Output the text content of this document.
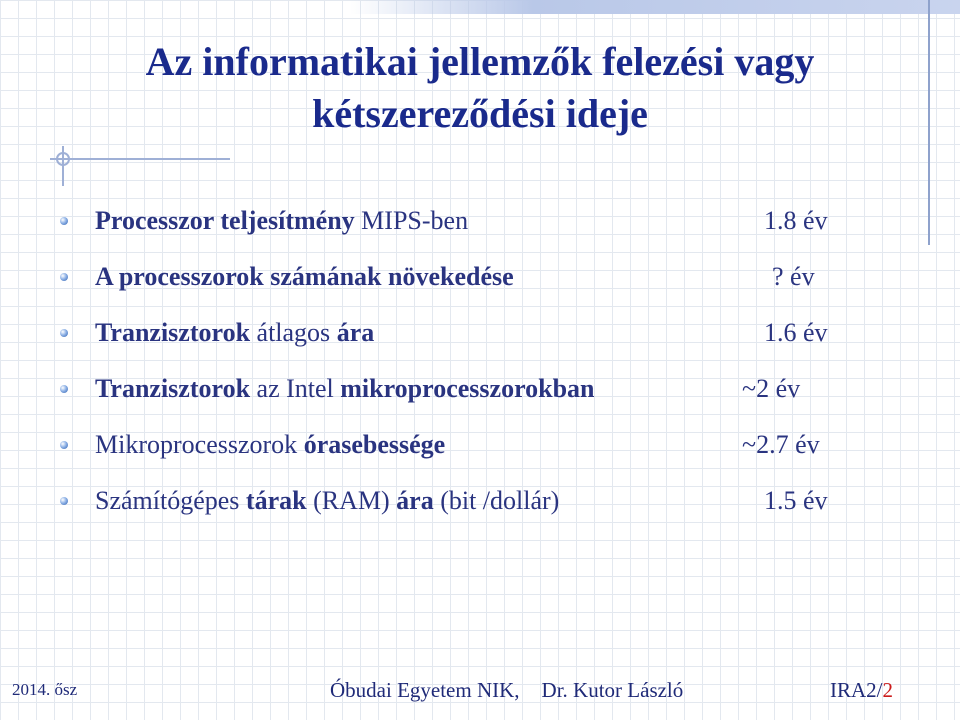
Az informatikai jellemzők felezési vagy
kétszereződési ideje
Processzor teljesítmény MIPS-ben	1.8 év
A processzorok számának növekedése	? év
Tranzisztorok átlagos ára	1.6 év
Tranzisztorok az Intel mikroprocesszorokban	~2 év
Mikroprocesszorok órasebessége	~2.7 év
Számítógépes tárak (RAM) ára (bit /dollár)	1.5 év
2014. ősz	Óbudai Egyetem NIK, Dr. Kutor László	IRA2/2
